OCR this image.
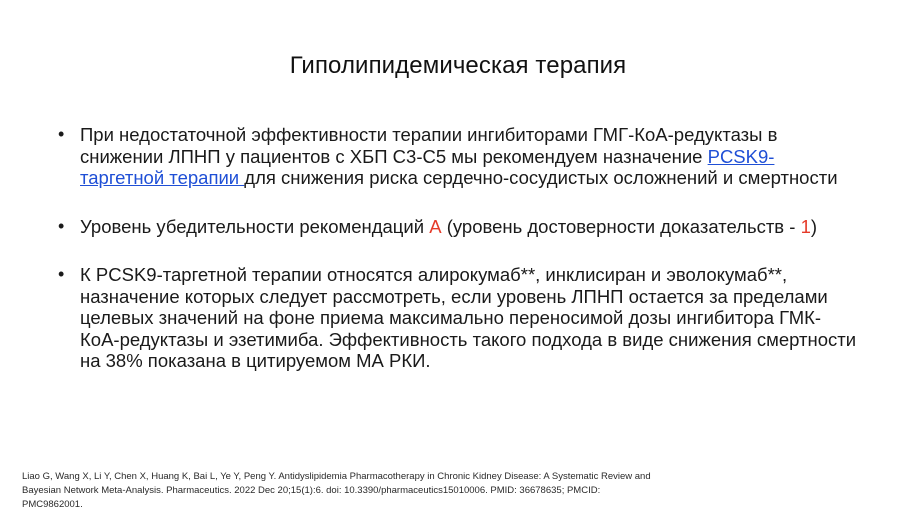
Гиполипидемическая терапия
• При недостаточной эффективности терапии ингибиторами ГМГ-КоА-редуктазы в снижении ЛПНП у пациентов с ХБП С3-С5 мы рекомендуем назначение PCSK9-таргетной терапии для снижения риска сердечно-сосудистых осложнений и смертности
• Уровень убедительности рекомендаций А (уровень достоверности доказательств - 1)
• К PCSK9-таргетной терапии относятся алирокумаб**, инклисиран и эволокумаб**, назначение которых следует рассмотреть, если уровень ЛПНП остается за пределами целевых значений на фоне приема максимально переносимой дозы ингибитора ГМК-КоА-редуктазы и эзетимиба. Эффективность такого подхода в виде снижения смертности на 38% показана в цитируемом МА РКИ.
Liao G, Wang X, Li Y, Chen X, Huang K, Bai L, Ye Y, Peng Y. Antidyslipidemia Pharmacotherapy in Chronic Kidney Disease: A Systematic Review and Bayesian Network Meta-Analysis. Pharmaceutics. 2022 Dec 20;15(1):6. doi: 10.3390/pharmaceutics15010006. PMID: 36678635; PMCID: PMC9862001.
